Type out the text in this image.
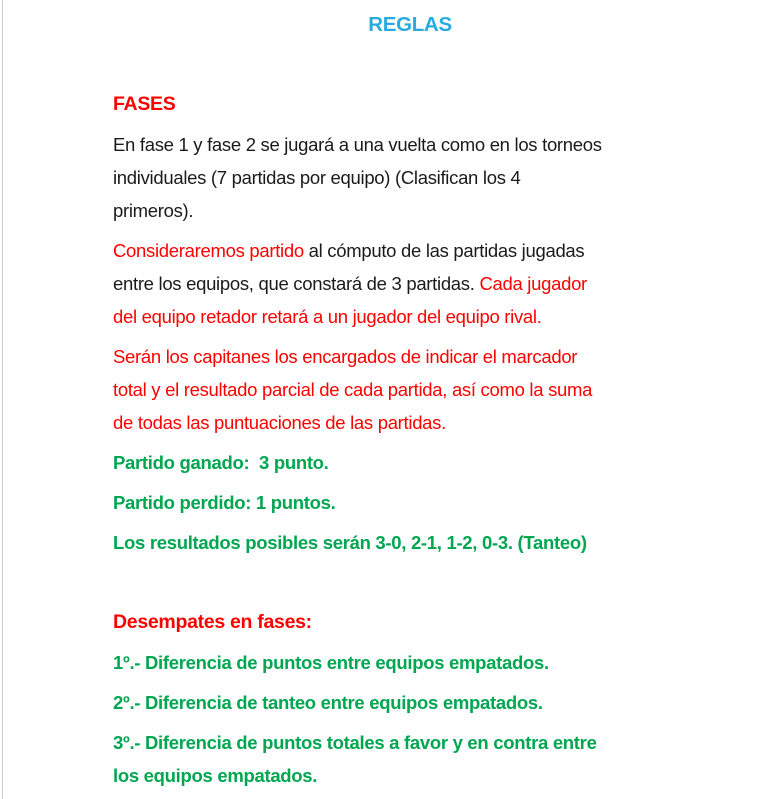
REGLAS
FASES
En fase 1 y fase 2 se jugará a una vuelta como en los torneos
individuales (7 partidas por equipo) (Clasifican los 4
primeros).
Consideraremos partido al cómputo de las partidas jugadas
entre los equipos, que constará de 3 partidas. Cada jugador
del equipo retador retará a un jugador del equipo rival.
Serán los capitanes los encargados de indicar el marcador
total y el resultado parcial de cada partida, así como la suma
de todas las puntuaciones de las partidas.
Partido ganado:  3 punto.
Partido perdido: 1 puntos.
Los resultados posibles serán 3-0, 2-1, 1-2, 0-3. (Tanteo)
Desempates en fases:
1º.- Diferencia de puntos entre equipos empatados.
2º.- Diferencia de tanteo entre equipos empatados.
3º.- Diferencia de puntos totales a favor y en contra entre
los equipos empatados.
